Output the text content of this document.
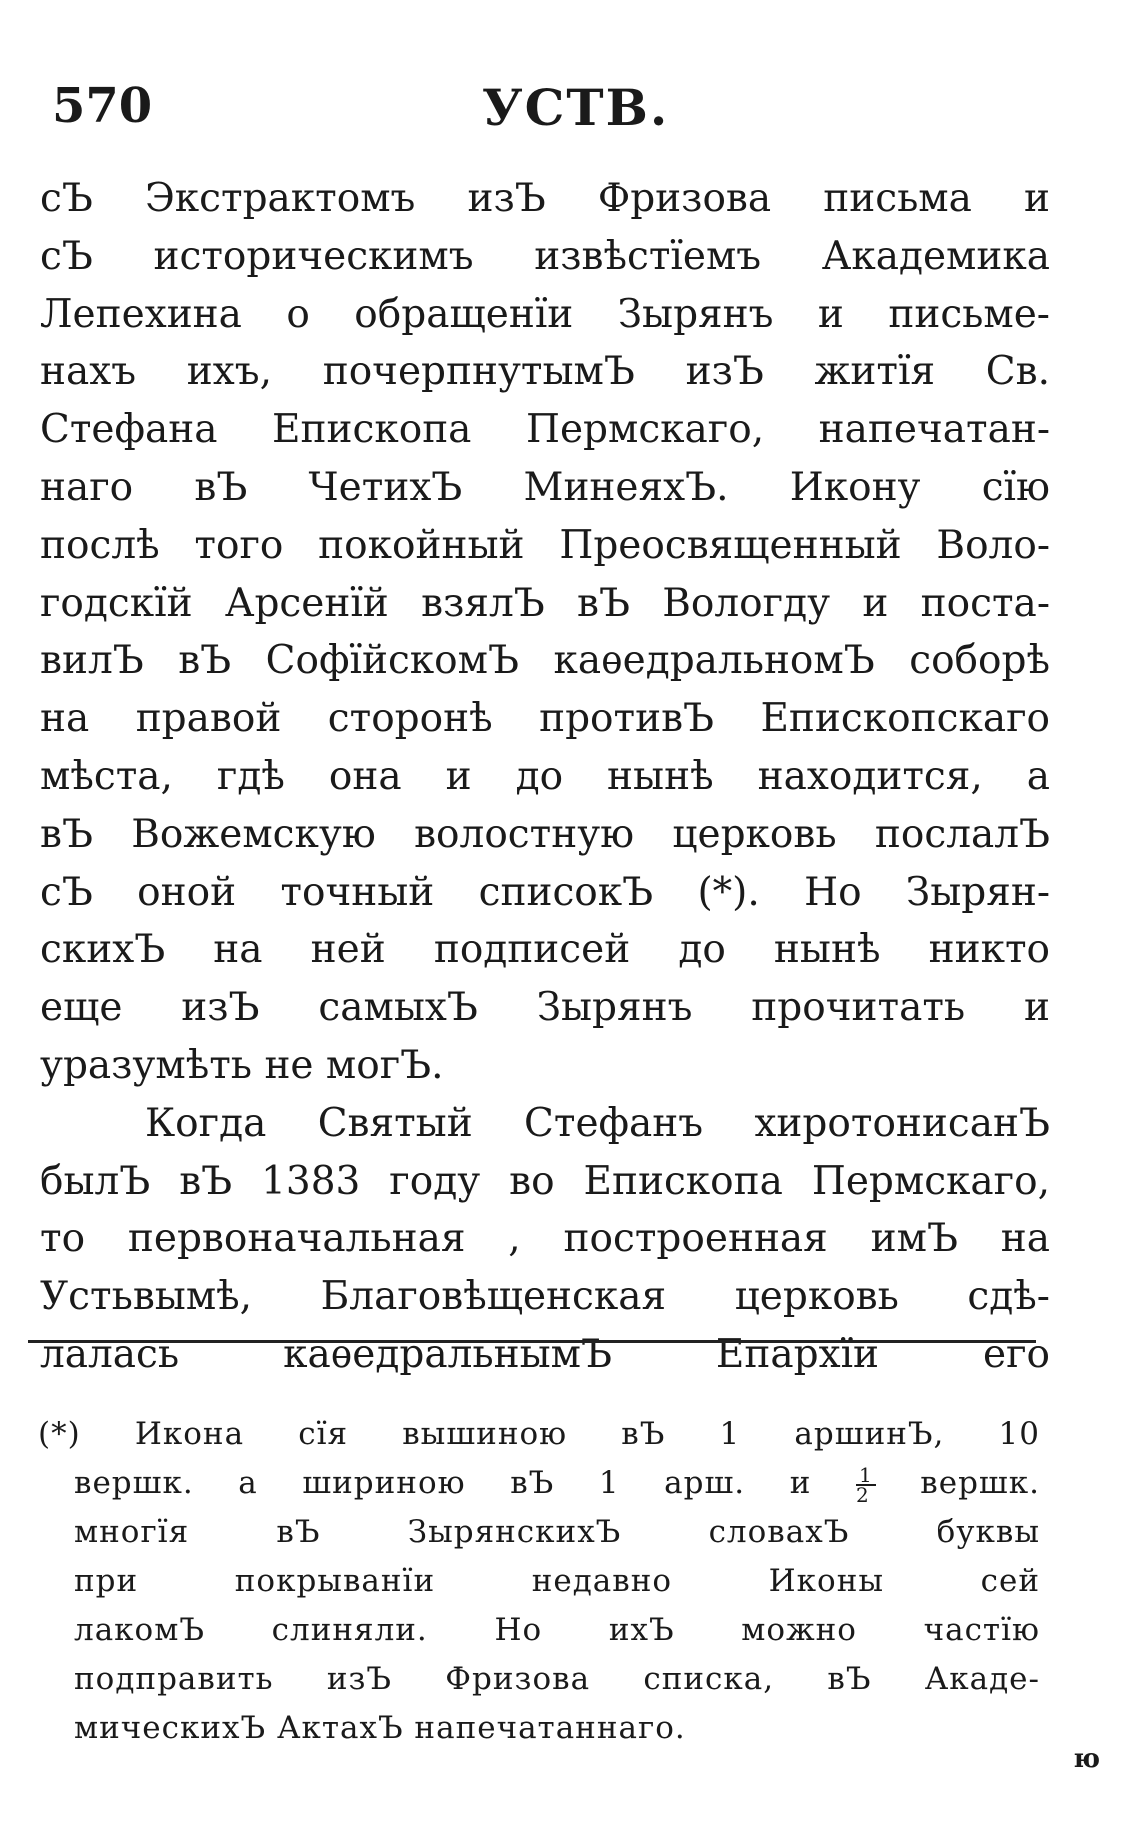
570	УСТВ.
сЪ Экстрактомъ изЪ Фризова письма и
сЪ историческимъ извѣстїемъ Академика
Лепехина о обращенїи Зырянъ и письме-
нахъ ихъ, почерпнутымЪ изЪ житїя Св.
Стефана Епископа Пермскаго, напечатан-
наго вЪ ЧетихЪ МинеяхЪ. Икону сїю
послѣ того покойный Преосвященный Воло-
годскїй Арсенїй взялЪ вЪ Вологду и поста-
вилЪ вЪ СофїйскомЪ каѳедральномЪ соборѣ
на правой сторонѣ противЪ Епископскаго
мѣста, гдѣ она и до нынѣ находится, а
вЪ Вожемскую волостную церковь послалЪ
сЪ оной точный списокЪ (*). Но Зырян-
скихЪ на ней подписей до нынѣ никто
еще изЪ самыхЪ Зырянъ прочитать и
уразумѣть не могЪ.
Когда Святый Стефанъ хиротонисанЪ
былЪ вЪ 1383 году во Епископа Пермскаго,
то первоначальная , построенная имЪ на
Устьвымѣ, Благовѣщенская церковь сдѣ-
лалась каѳедральнымЪ Епархїи его
(*) Икона сїя вышиною вЪ 1 аршинЪ, 10
вершк. а шириною вЪ 1 арш. и $\frac{1}{2}$ вершк.
многїя вЪ ЗырянскихЪ словахЪ буквы
при покрыванїи недавно Иконы сей
лакомЪ слиняли. Но ихЪ можно частїю
подправить изЪ Фризова списка, вЪ Акаде-
мическихЪ АктахЪ напечатаннаго.
ю
